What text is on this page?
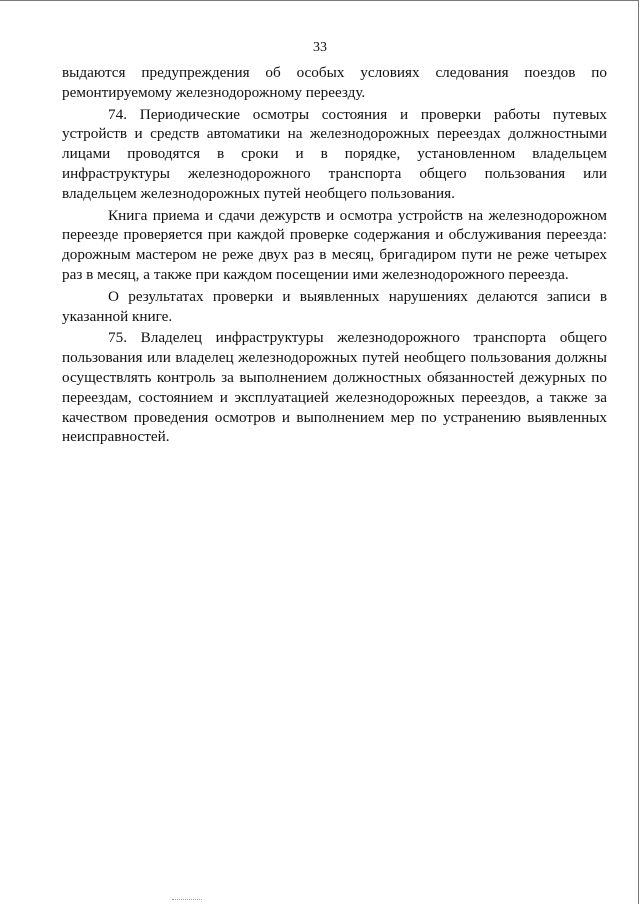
33

выдаются предупреждения об особых условиях следования поездов по ремонтируемому железнодорожному переезду.

74. Периодические осмотры состояния и проверки работы путевых устройств и средств автоматики на железнодорожных переездах должностными лицами проводятся в сроки и в порядке, установленном владельцем инфраструктуры железнодорожного транспорта общего пользования или владельцем железнодорожных путей необщего пользования.

Книга приема и сдачи дежурств и осмотра устройств на железнодорожном переезде проверяется при каждой проверке содержания и обслуживания переезда: дорожным мастером не реже двух раз в месяц, бригадиром пути не реже четырех раз в месяц, а также при каждом посещении ими железнодорожного переезда.

О результатах проверки и выявленных нарушениях делаются записи в указанной книге.

75. Владелец инфраструктуры железнодорожного транспорта общего пользования или владелец железнодорожных путей необщего пользования должны осуществлять контроль за выполнением должностных обязанностей дежурных по переездам, состоянием и эксплуатацией железнодорожных переездов, а также за качеством проведения осмотров и выполнением мер по устранению выявленных неисправностей.
